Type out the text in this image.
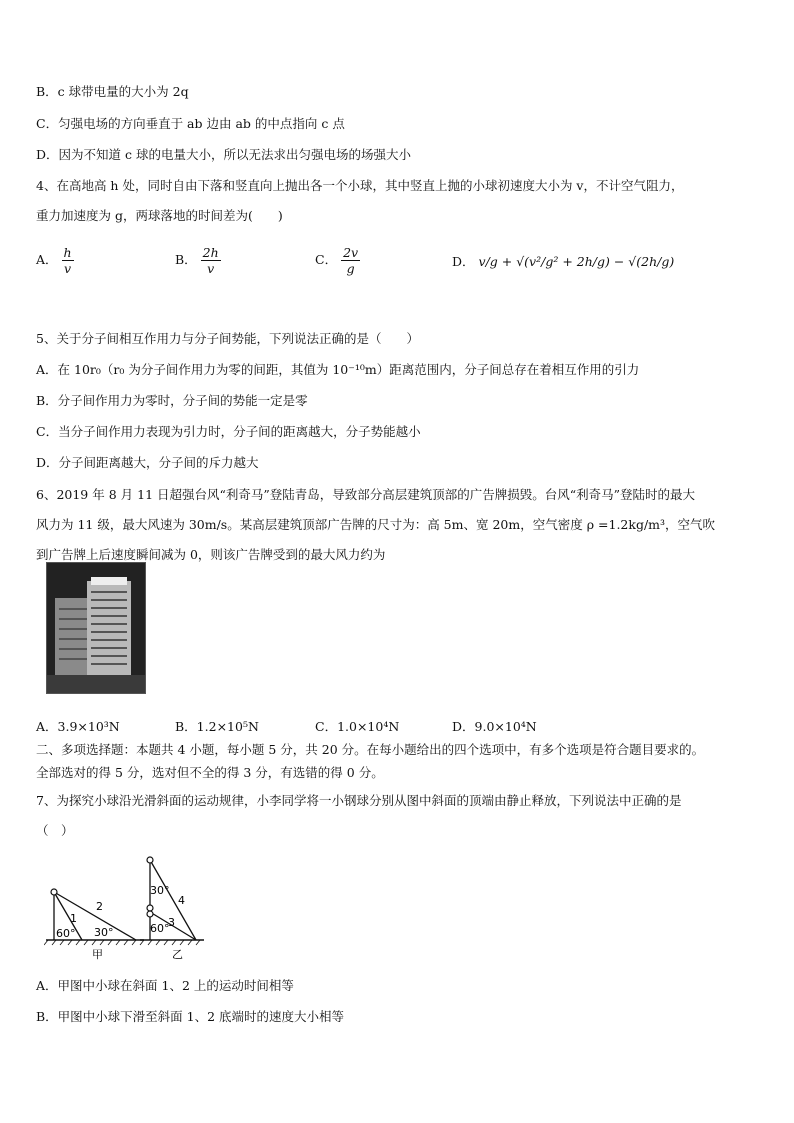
B．c 球带电量的大小为 2q
C．匀强电场的方向垂直于 ab 边由 ab 的中点指向 c 点
D．因为不知道 c 球的电量大小，所以无法求出匀强电场的场强大小
4、在高地高 h 处，同时自由下落和竖直向上抛出各一个小球，其中竖直上抛的小球初速度大小为 v，不计空气阻力，
重力加速度为 g，两球落地的时间差为(　　)
A． $\frac{h}{v}$	B． $\frac{2h}{v}$	C． $\frac{2v}{g}$	D． v/g + √(v²/g² + 2h/g) − √(2h/g)
5、关于分子间相互作用力与分子间势能，下列说法正确的是（　　）
A．在 10r₀（r₀ 为分子间作用力为零的间距，其值为 10⁻¹⁰m）距离范围内，分子间总存在着相互作用的引力
B．分子间作用力为零时，分子间的势能一定是零
C．当分子间作用力表现为引力时，分子间的距离越大，分子势能越小
D．分子间距离越大，分子间的斥力越大
6、2019 年 8 月 11 日超强台风“利奇马”登陆青岛，导致部分高层建筑顶部的广告牌损毁。台风“利奇马”登陆时的最大
风力为 11 级，最大风速为 30m/s。某高层建筑顶部广告牌的尺寸为：高 5m、宽 20m，空气密度 ρ =1.2kg/m³，空气吹
到广告牌上后速度瞬间减为 0，则该广告牌受到的最大风力约为
A．3.9×10³N	B．1.2×10⁵N	C．1.0×10⁴N	D．9.0×10⁴N
二、多项选择题：本题共 4 小题，每小题 5 分，共 20 分。在每小题给出的四个选项中，有多个选项是符合题目要求的。
全部选对的得 5 分，选对但不全的得 3 分，有选错的得 0 分。
7、为探究小球沿光滑斜面的运动规律，小李同学将一小钢球分别从图中斜面的顶端由静止释放，下列说法中正确的是
（　）
60° 30°
1
2
30°
60°
3
4
甲	乙
A．甲图中小球在斜面 1、2 上的运动时间相等
B．甲图中小球下滑至斜面 1、2 底端时的速度大小相等
